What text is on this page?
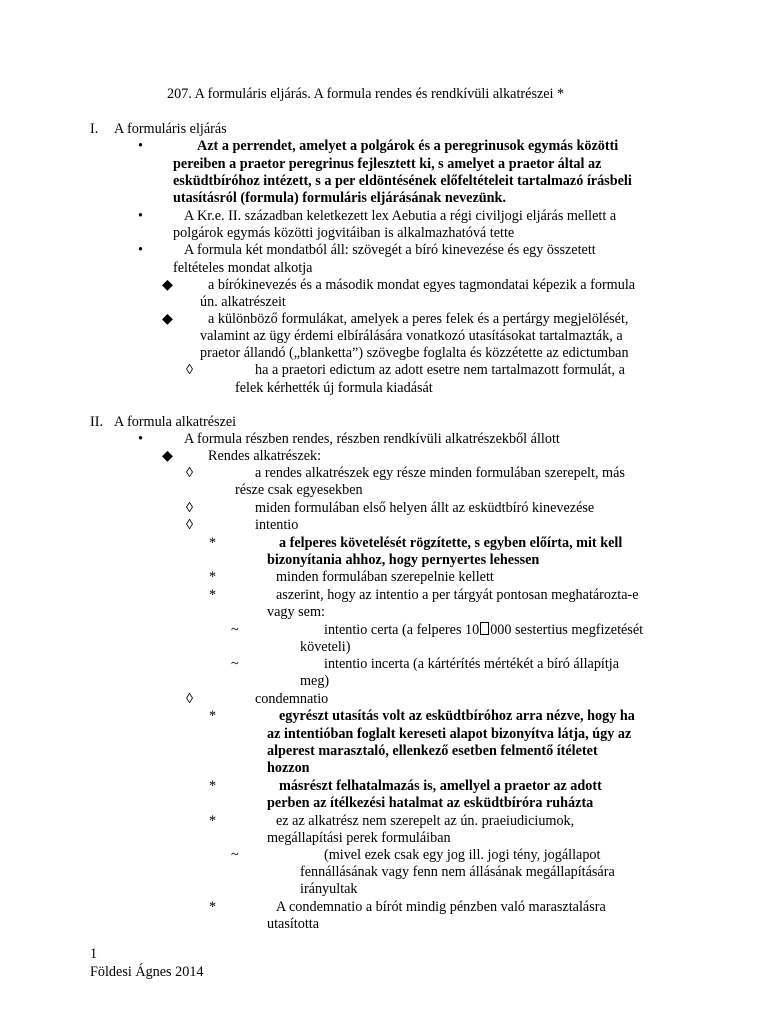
207. A formuláris eljárás. A formula rendes és rendkívüli alkatrészei *
I. A formuláris eljárás
•	Azt a perrendet, amelyet a polgárok és a peregrinusok egymás közötti
pereiben a praetor peregrinus fejlesztett ki, s amelyet a praetor által az
esküdtbíróhoz intézett, s a per eldöntésének előfeltételeit tartalmazó írásbeli
utasításról (formula) formuláris eljárásának nevezünk.
•	A Kr.e. II. században keletkezett lex Aebutia a régi civiljogi eljárás mellett a
polgárok egymás közötti jogvitáiban is alkalmazhatóvá tette
•	A formula két mondatból áll: szövegét a bíró kinevezése és egy összetett
feltételes mondat alkotja
◆ a bírókinevezés és a második mondat egyes tagmondatai képezik a formula
ún. alkatrészeit
◆ a különböző formulákat, amelyek a peres felek és a pertárgy megjelölését,
valamint az ügy érdemi elbírálására vonatkozó utasításokat tartalmazták, a
praetor állandó („blanketta”) szövegbe foglalta és közzétette az edictumban
◊	ha a praetori edictum az adott esetre nem tartalmazott formulát, a
felek kérhették új formula kiadását
II. A formula alkatrészei
•	A formula részben rendes, részben rendkívüli alkatrészekből állott
◆ Rendes alkatrészek:
◊	a rendes alkatrészek egy része minden formulában szerepelt, más
része csak egyesekben
◊	miden formulában első helyen állt az esküdtbíró kinevezése
◊	intentio
*	a felperes követelését rögzítette, s egyben előírta, mit kell
bizonyítania ahhoz, hogy pernyertes lehessen
*	minden formulában szerepelnie kellett
*	aszerint, hogy az intentio a per tárgyát pontosan meghatározta-e
vagy sem:
~	intentio certa (a felperes 10 000 sestertius megfizetését
követeli)
~	intentio incerta (a kártérítés mértékét a bíró állapítja
meg)
◊	condemnatio
*	egyrészt utasítás volt az esküdtbíróhoz arra nézve, hogy ha
az intentióban foglalt kereseti alapot bizonyítva látja, úgy az
alperest marasztaló, ellenkező esetben felmentő ítéletet
hozzon
*	másrészt felhatalmazás is, amellyel a praetor az adott
perben az ítélkezési hatalmat az esküdtbíróra ruházta
*	ez az alkatrész nem szerepelt az ún. praeiudiciumok,
megállapítási perek formuláiban
~	(mivel ezek csak egy jog ill. jogi tény, jogállapot
fennállásának vagy fenn nem állásának megállapítására
irányultak
*	A condemnatio a bírót mindig pénzben való marasztalásra
utasította
1
Földesi Ágnes 2014
